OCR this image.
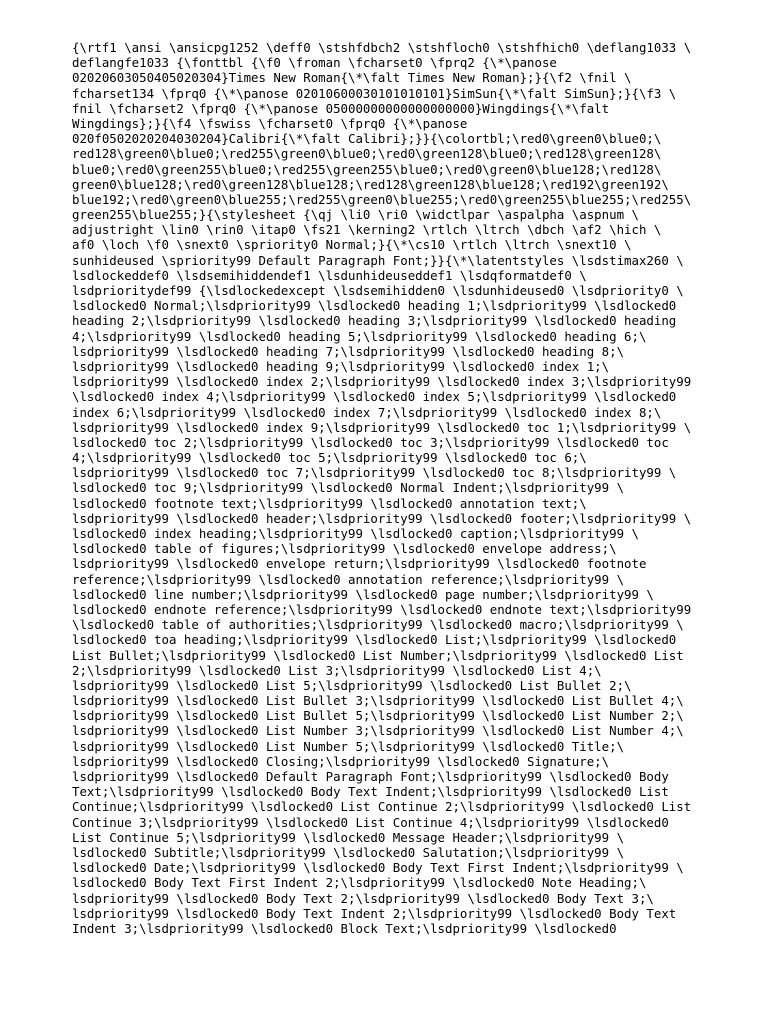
{\rtf1 \ansi \ansicpg1252 \deff0 \stshfdbch2 \stshfloch0 \stshfhich0 \deflang1033 \
deflangfe1033 {\fonttbl {\f0 \froman \fcharset0 \fprq2 {\*\panose
02020603050405020304}Times New Roman{\*\falt Times New Roman};}{\f2 \fnil \
fcharset134 \fprq0 {\*\panose 02010600030101010101}SimSun{\*\falt SimSun};}{\f3 \
fnil \fcharset2 \fprq0 {\*\panose 05000000000000000000}Wingdings{\*\falt
Wingdings};}{\f4 \fswiss \fcharset0 \fprq0 {\*\panose
020f0502020204030204}Calibri{\*\falt Calibri};}}{\colortbl;\red0\green0\blue0;\
red128\green0\blue0;\red255\green0\blue0;\red0\green128\blue0;\red128\green128\
blue0;\red0\green255\blue0;\red255\green255\blue0;\red0\green0\blue128;\red128\
green0\blue128;\red0\green128\blue128;\red128\green128\blue128;\red192\green192\
blue192;\red0\green0\blue255;\red255\green0\blue255;\red0\green255\blue255;\red255\
green255\blue255;}{\stylesheet {\qj \li0 \ri0 \widctlpar \aspalpha \aspnum \
adjustright \lin0 \rin0 \itap0 \fs21 \kerning2 \rtlch \ltrch \dbch \af2 \hich \
af0 \loch \f0 \snext0 \spriority0 Normal;}{\*\cs10 \rtlch \ltrch \snext10 \
sunhideused \spriority99 Default Paragraph Font;}}{\*\latentstyles \lsdstimax260 \
lsdlockeddef0 \lsdsemihiddendef1 \lsdunhideuseddef1 \lsdqformatdef0 \
lsdprioritydef99 {\lsdlockedexcept \lsdsemihidden0 \lsdunhideused0 \lsdpriority0 \
lsdlocked0 Normal;\lsdpriority99 \lsdlocked0 heading 1;\lsdpriority99 \lsdlocked0
heading 2;\lsdpriority99 \lsdlocked0 heading 3;\lsdpriority99 \lsdlocked0 heading
4;\lsdpriority99 \lsdlocked0 heading 5;\lsdpriority99 \lsdlocked0 heading 6;\
lsdpriority99 \lsdlocked0 heading 7;\lsdpriority99 \lsdlocked0 heading 8;\
lsdpriority99 \lsdlocked0 heading 9;\lsdpriority99 \lsdlocked0 index 1;\
lsdpriority99 \lsdlocked0 index 2;\lsdpriority99 \lsdlocked0 index 3;\lsdpriority99
\lsdlocked0 index 4;\lsdpriority99 \lsdlocked0 index 5;\lsdpriority99 \lsdlocked0
index 6;\lsdpriority99 \lsdlocked0 index 7;\lsdpriority99 \lsdlocked0 index 8;\
lsdpriority99 \lsdlocked0 index 9;\lsdpriority99 \lsdlocked0 toc 1;\lsdpriority99 \
lsdlocked0 toc 2;\lsdpriority99 \lsdlocked0 toc 3;\lsdpriority99 \lsdlocked0 toc
4;\lsdpriority99 \lsdlocked0 toc 5;\lsdpriority99 \lsdlocked0 toc 6;\
lsdpriority99 \lsdlocked0 toc 7;\lsdpriority99 \lsdlocked0 toc 8;\lsdpriority99 \
lsdlocked0 toc 9;\lsdpriority99 \lsdlocked0 Normal Indent;\lsdpriority99 \
lsdlocked0 footnote text;\lsdpriority99 \lsdlocked0 annotation text;\
lsdpriority99 \lsdlocked0 header;\lsdpriority99 \lsdlocked0 footer;\lsdpriority99 \
lsdlocked0 index heading;\lsdpriority99 \lsdlocked0 caption;\lsdpriority99 \
lsdlocked0 table of figures;\lsdpriority99 \lsdlocked0 envelope address;\
lsdpriority99 \lsdlocked0 envelope return;\lsdpriority99 \lsdlocked0 footnote
reference;\lsdpriority99 \lsdlocked0 annotation reference;\lsdpriority99 \
lsdlocked0 line number;\lsdpriority99 \lsdlocked0 page number;\lsdpriority99 \
lsdlocked0 endnote reference;\lsdpriority99 \lsdlocked0 endnote text;\lsdpriority99
\lsdlocked0 table of authorities;\lsdpriority99 \lsdlocked0 macro;\lsdpriority99 \
lsdlocked0 toa heading;\lsdpriority99 \lsdlocked0 List;\lsdpriority99 \lsdlocked0
List Bullet;\lsdpriority99 \lsdlocked0 List Number;\lsdpriority99 \lsdlocked0 List
2;\lsdpriority99 \lsdlocked0 List 3;\lsdpriority99 \lsdlocked0 List 4;\
lsdpriority99 \lsdlocked0 List 5;\lsdpriority99 \lsdlocked0 List Bullet 2;\
lsdpriority99 \lsdlocked0 List Bullet 3;\lsdpriority99 \lsdlocked0 List Bullet 4;\
lsdpriority99 \lsdlocked0 List Bullet 5;\lsdpriority99 \lsdlocked0 List Number 2;\
lsdpriority99 \lsdlocked0 List Number 3;\lsdpriority99 \lsdlocked0 List Number 4;\
lsdpriority99 \lsdlocked0 List Number 5;\lsdpriority99 \lsdlocked0 Title;\
lsdpriority99 \lsdlocked0 Closing;\lsdpriority99 \lsdlocked0 Signature;\
lsdpriority99 \lsdlocked0 Default Paragraph Font;\lsdpriority99 \lsdlocked0 Body
Text;\lsdpriority99 \lsdlocked0 Body Text Indent;\lsdpriority99 \lsdlocked0 List
Continue;\lsdpriority99 \lsdlocked0 List Continue 2;\lsdpriority99 \lsdlocked0 List
Continue 3;\lsdpriority99 \lsdlocked0 List Continue 4;\lsdpriority99 \lsdlocked0
List Continue 5;\lsdpriority99 \lsdlocked0 Message Header;\lsdpriority99 \
lsdlocked0 Subtitle;\lsdpriority99 \lsdlocked0 Salutation;\lsdpriority99 \
lsdlocked0 Date;\lsdpriority99 \lsdlocked0 Body Text First Indent;\lsdpriority99 \
lsdlocked0 Body Text First Indent 2;\lsdpriority99 \lsdlocked0 Note Heading;\
lsdpriority99 \lsdlocked0 Body Text 2;\lsdpriority99 \lsdlocked0 Body Text 3;\
lsdpriority99 \lsdlocked0 Body Text Indent 2;\lsdpriority99 \lsdlocked0 Body Text
Indent 3;\lsdpriority99 \lsdlocked0 Block Text;\lsdpriority99 \lsdlocked0
